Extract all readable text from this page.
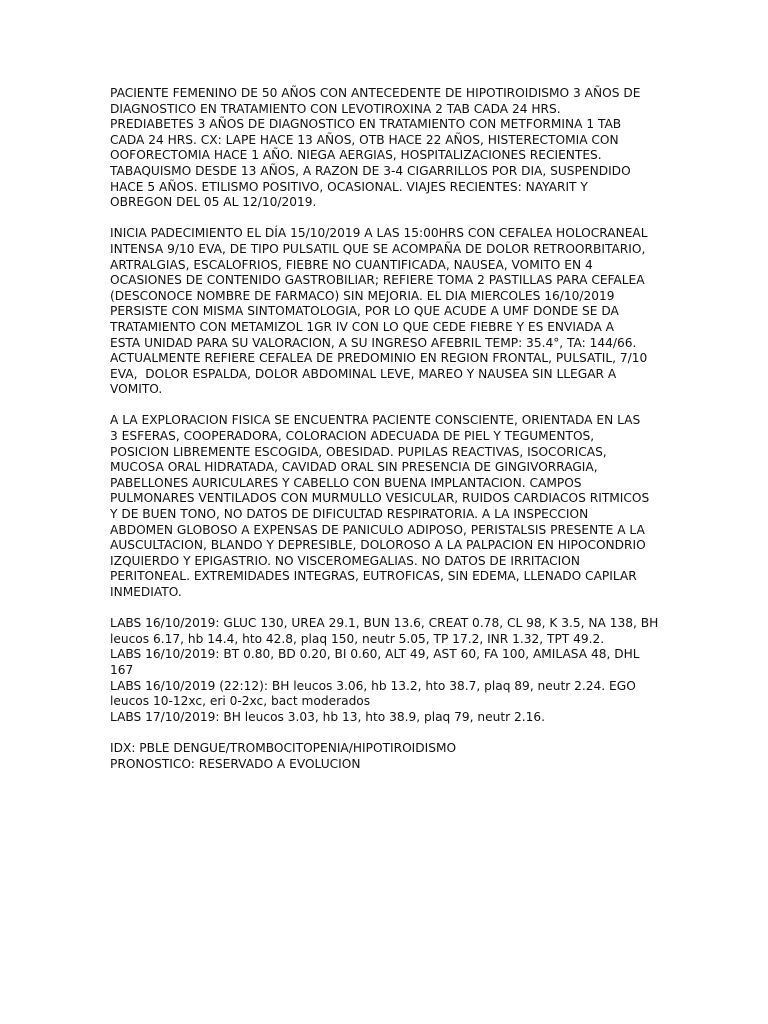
PACIENTE FEMENINO DE 50 AÑOS CON ANTECEDENTE DE HIPOTIROIDISMO 3 AÑOS DE
DIAGNOSTICO EN TRATAMIENTO CON LEVOTIROXINA 2 TAB CADA 24 HRS.
PREDIABETES 3 AÑOS DE DIAGNOSTICO EN TRATAMIENTO CON METFORMINA 1 TAB
CADA 24 HRS. CX: LAPE HACE 13 AÑOS, OTB HACE 22 AÑOS, HISTERECTOMIA CON
OOFORECTOMIA HACE 1 AÑO. NIEGA AERGIAS, HOSPITALIZACIONES RECIENTES.
TABAQUISMO DESDE 13 AÑOS, A RAZON DE 3-4 CIGARRILLOS POR DIA, SUSPENDIDO
HACE 5 AÑOS. ETILISMO POSITIVO, OCASIONAL. VIAJES RECIENTES: NAYARIT Y
OBREGON DEL 05 AL 12/10/2019.

INICIA PADECIMIENTO EL DÍA 15/10/2019 A LAS 15:00HRS CON CEFALEA HOLOCRANEAL
INTENSA 9/10 EVA, DE TIPO PULSATIL QUE SE ACOMPAÑA DE DOLOR RETROORBITARIO,
ARTRALGIAS, ESCALOFRIOS, FIEBRE NO CUANTIFICADA, NAUSEA, VOMITO EN 4
OCASIONES DE CONTENIDO GASTROBILIAR; REFIERE TOMA 2 PASTILLAS PARA CEFALEA
(DESCONOCE NOMBRE DE FARMACO) SIN MEJORIA. EL DIA MIERCOLES 16/10/2019
PERSISTE CON MISMA SINTOMATOLOGIA, POR LO QUE ACUDE A UMF DONDE SE DA
TRATAMIENTO CON METAMIZOL 1GR IV CON LO QUE CEDE FIEBRE Y ES ENVIADA A
ESTA UNIDAD PARA SU VALORACION, A SU INGRESO AFEBRIL TEMP: 35.4°, TA: 144/66.
ACTUALMENTE REFIERE CEFALEA DE PREDOMINIO EN REGION FRONTAL, PULSATIL, 7/10
EVA,  DOLOR ESPALDA, DOLOR ABDOMINAL LEVE, MAREO Y NAUSEA SIN LLEGAR A
VOMITO.

A LA EXPLORACION FISICA SE ENCUENTRA PACIENTE CONSCIENTE, ORIENTADA EN LAS
3 ESFERAS, COOPERADORA, COLORACION ADECUADA DE PIEL Y TEGUMENTOS,
POSICION LIBREMENTE ESCOGIDA, OBESIDAD. PUPILAS REACTIVAS, ISOCORICAS,
MUCOSA ORAL HIDRATADA, CAVIDAD ORAL SIN PRESENCIA DE GINGIVORRAGIA,
PABELLONES AURICULARES Y CABELLO CON BUENA IMPLANTACION. CAMPOS
PULMONARES VENTILADOS CON MURMULLO VESICULAR, RUIDOS CARDIACOS RITMICOS
Y DE BUEN TONO, NO DATOS DE DIFICULTAD RESPIRATORIA. A LA INSPECCION
ABDOMEN GLOBOSO A EXPENSAS DE PANICULO ADIPOSO, PERISTALSIS PRESENTE A LA
AUSCULTACION, BLANDO Y DEPRESIBLE, DOLOROSO A LA PALPACION EN HIPOCONDRIO
IZQUIERDO Y EPIGASTRIO. NO VISCEROMEGALIAS. NO DATOS DE IRRITACION
PERITONEAL. EXTREMIDADES INTEGRAS, EUTROFICAS, SIN EDEMA, LLENADO CAPILAR
INMEDIATO.

LABS 16/10/2019: GLUC 130, UREA 29.1, BUN 13.6, CREAT 0.78, CL 98, K 3.5, NA 138, BH
leucos 6.17, hb 14.4, hto 42.8, plaq 150, neutr 5.05, TP 17.2, INR 1.32, TPT 49.2.
LABS 16/10/2019: BT 0.80, BD 0.20, BI 0.60, ALT 49, AST 60, FA 100, AMILASA 48, DHL
167
LABS 16/10/2019 (22:12): BH leucos 3.06, hb 13.2, hto 38.7, plaq 89, neutr 2.24. EGO
leucos 10-12xc, eri 0-2xc, bact moderados
LABS 17/10/2019: BH leucos 3.03, hb 13, hto 38.9, plaq 79, neutr 2.16.

IDX: PBLE DENGUE/TROMBOCITOPENIA/HIPOTIROIDISMO
PRONOSTICO: RESERVADO A EVOLUCION
